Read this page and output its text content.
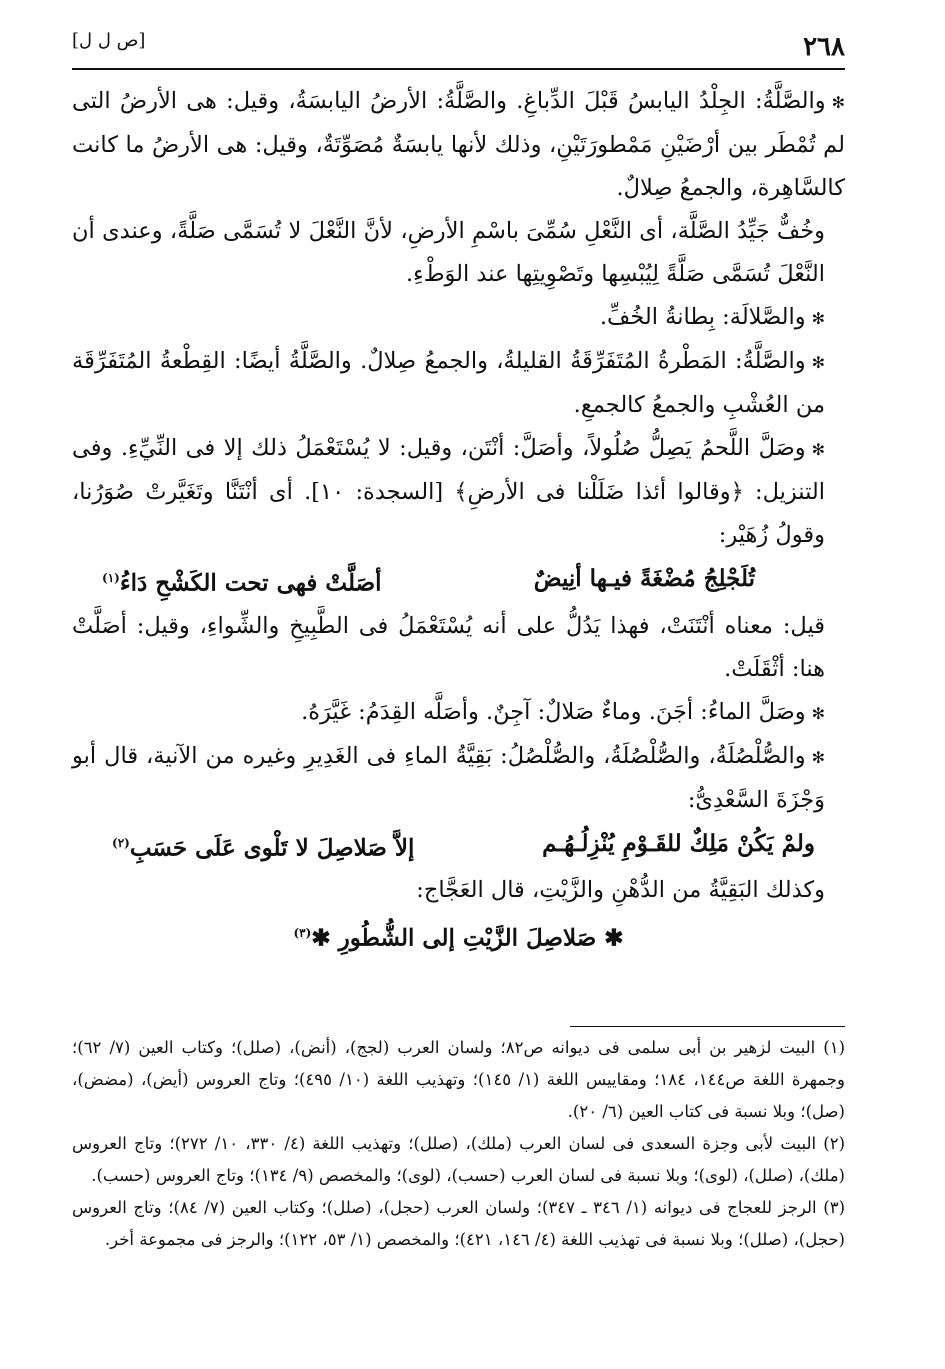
٢٦٨
[ص ل ل]

✻والصَّلَّةُ: الجِلْدُ اليابسُ قَبْلَ الدِّباغِ. والصَّلَّةُ: الأرضُ اليابسَةُ، وقيل: هى الأرضُ التى لم تُمْطَر بين أرْضَيْنِ مَمْطورَتَيْنِ، وذلك لأنها يابسَةٌ مُصَوِّتَةٌ، وقيل: هى الأرضُ ما كانت كالسَّاهِرة، والجمعُ صِلالٌ.

وخُفٌّ جَيِّدُ الصَّلَّة، أى النَّعْلِ سُمِّىَ باسْمِ الأرضِ، لأنَّ النَّعْلَ لا تُسَمَّى صَلَّةً، وعندى أن النَّعْلَ تُسَمَّى صَلَّةً لِيُبْسِها وتَصْوِيتِها عند الوَطْءِ.

✻والصَّلالَة: بِطانةُ الخُفِّ.

✻والصَّلَّةُ: المَطْرةُ المُتَفَرِّقَةُ القليلةُ، والجمعُ صِلالٌ. والصَّلَّةُ أيضًا: القِطْعةُ المُتَفَرِّقَة من العُشْبِ والجمعُ كالجمعِ.

✻وصَلَّ اللَّحمُ يَصِلُّ صُلُولاً، وأصَلَّ: أنْتَن، وقيل: لا يُسْتَعْمَلُ ذلك إلا فى النِّيِّءِ. وفى التنزيل: ﴿وقالوا أئذا ضَلَلْنا فى الأرضِ﴾ [السجدة: ١٠]. أى أنْتَنَّا وتَغَيَّرتْ صُوَرُنا، وقولُ زُهَيْر:

تُلَجْلِجُ مُضْغَةً فيـها أنِيضٌ
أصَلَّتْ فهى تحت الكَشْحِ دَاءُ$^{(١)}$

قيل: معناه أنْتَنَتْ، فهذا يَدُلُّ على أنه يُسْتَعْمَلُ فى الطَّبِيخِ والشِّواءِ، وقيل: أصَلَّتْ هنا: أثْقَلَتْ.

✻وصَلَّ الماءُ: أجَنَ. وماءٌ صَلالٌ: آجِنٌ. وأصَلَّه القِدَمُ: غَيَّرَهُ.

✻والصُّلْصُلَةُ، والصُّلْصُلَةُ، والصُّلْصُلُ: بَقِيَّةُ الماءِ فى الغَدِيرِ وغيره من الآنية، قال أبو وَجْزَةَ السَّعْدِىُّ:

ولمْ يَكُنْ مَلِكٌ للقَـوْمِ يُنْزِلُـهُـم
إلاَّ صَلاصِلَ لا تَلْوى عَلَى حَسَبِ$^{(٢)}$

وكذلك البَقِيَّةُ من الدُّهْنِ والزَّيْتِ، قال العَجَّاج:

✱ صَلاصِلَ الزَّيْتِ إلى الشُّطُورِ ✱$^{(٣)}$

(١) البيت لزهير بن أبى سلمى فى ديوانه ص٨٢؛ ولسان العرب (لجج)، (أنض)، (صلل)؛ وكتاب العين (٧/ ٦٢)؛ وجمهرة اللغة ص١٤٤، ١٨٤؛ ومقاييس اللغة (١/ ١٤٥)؛ وتهذيب اللغة (١٠/ ٤٩٥)؛ وتاج العروس (أيض)، (مضض)، (صل)؛ وبلا نسبة فى كتاب العين (٦/ ٢٠).

(٢) البيت لأبى وجزة السعدى فى لسان العرب (ملك)، (صلل)؛ وتهذيب اللغة (٤/ ٣٣٠، ١٠/ ٢٧٢)؛ وتاج العروس (ملك)، (صلل)، (لوى)؛ وبلا نسبة فى لسان العرب (حسب)، (لوى)؛ والمخصص (٩/ ١٣٤)؛ وتاج العروس (حسب).

(٣) الرجز للعجاج فى ديوانه (١/ ٣٤٦ ـ ٣٤٧)؛ ولسان العرب (حجل)، (صلل)؛ وكتاب العين (٧/ ٨٤)؛ وتاج العروس (حجل)، (صلل)؛ وبلا نسبة فى تهذيب اللغة (٤/ ١٤٦، ٤٢١)؛ والمخصص (١/ ٥٣، ١٢٢)؛ والرجز فى مجموعة أخر.
